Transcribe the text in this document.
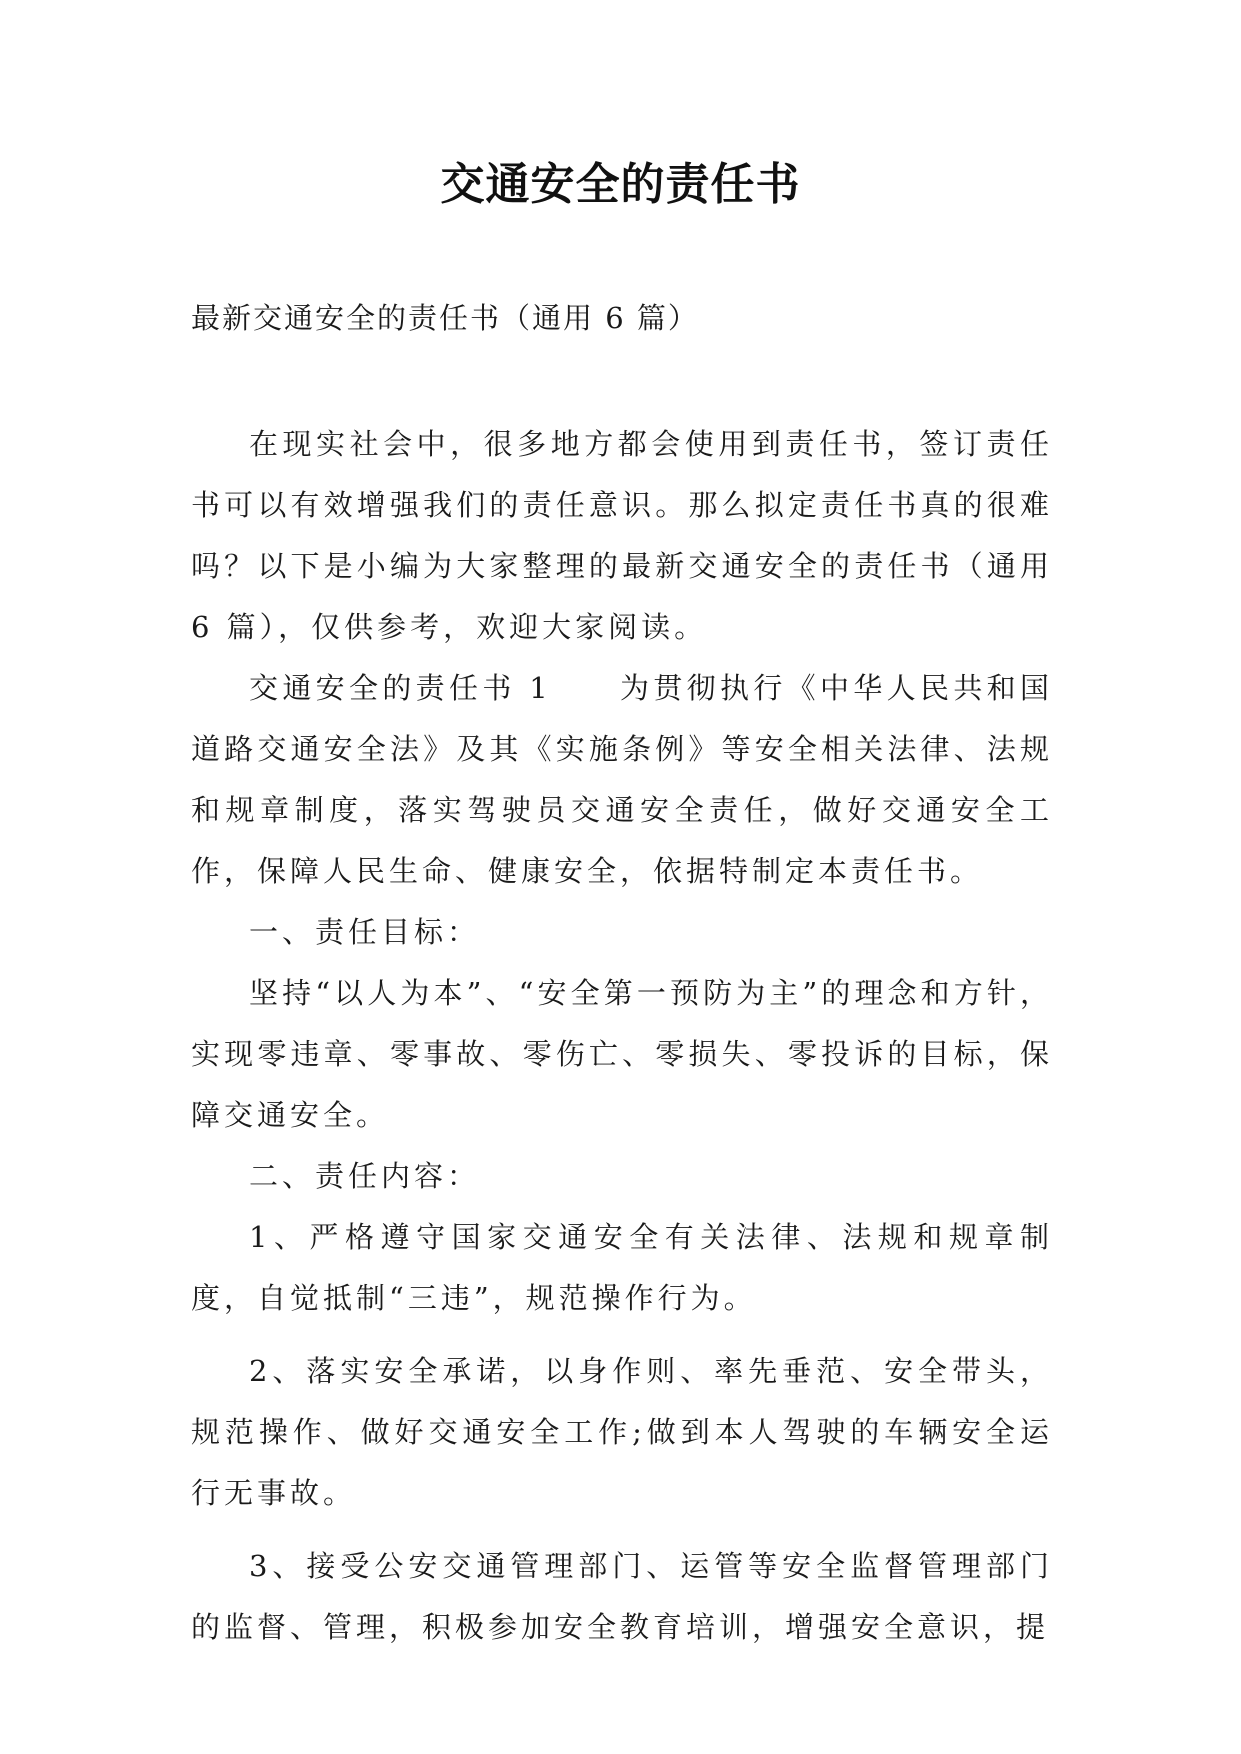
交通安全的责任书
最新交通安全的责任书（通用 6 篇）

在现实社会中，很多地方都会使用到责任书，签订责任书可以有效增强我们的责任意识。那么拟定责任书真的很难吗？以下是小编为大家整理的最新交通安全的责任书（通用6 篇），仅供参考，欢迎大家阅读。

交通安全的责任书 1 为贯彻执行《中华人民共和国道路交通安全法》及其《实施条例》等安全相关法律、法规和规章制度，落实驾驶员交通安全责任，做好交通安全工作，保障人民生命、健康安全，依据特制定本责任书。

一、责任目标：

坚持“以人为本”、“安全第一预防为主”的理念和方针，实现零违章、零事故、零伤亡、零损失、零投诉的目标，保障交通安全。

二、责任内容：

1、严格遵守国家交通安全有关法律、法规和规章制度，自觉抵制“三违”，规范操作行为。

2、落实安全承诺，以身作则、率先垂范、安全带头，规范操作、做好交通安全工作;做到本人驾驶的车辆安全运行无事故。

3、接受公安交通管理部门、运管等安全监督管理部门的监督、管理，积极参加安全教育培训，增强安全意识，提
